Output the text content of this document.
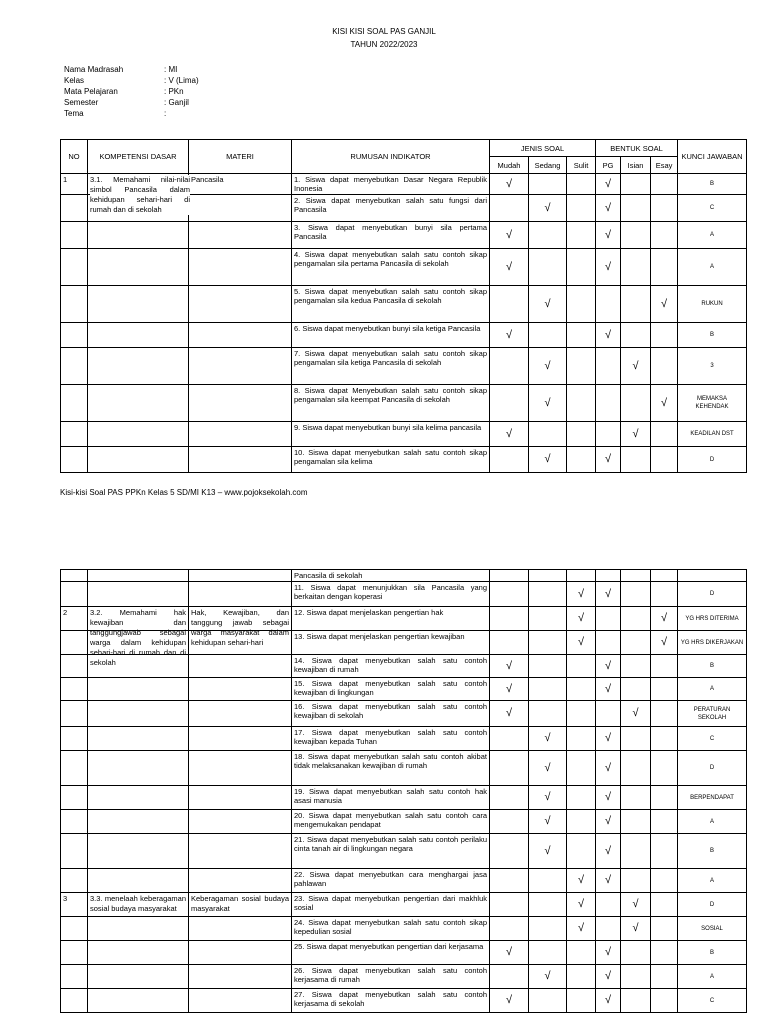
KISI KISI SOAL PAS GANJIL
TAHUN 2022/2023
Nama Madrasah	: MI
Kelas	: V (Lima)
Mata Pelajaran	: PKn
Semester	: Ganjil
Tema	:
NO	KOMPETENSI DASAR	MATERI	RUMUSAN INDIKATOR	JENIS SOAL			BENTUK SOAL			KUNCI JAWABAN
				Mudah	Sedang	Sulit	PG	Isian	Esay	
1	3.1. Memahami nilai-nilai simbol Pancasila dalam kehidupan sehari-hari di rumah dan di sekolah	Pancasila	1. Siswa dapat menyebutkan Dasar Negara Republik Inonesia	√			√			B
			2. Siswa dapat menyebutkan salah satu fungsi dari Pancasila		√		√			C
			3. Siswa dapat menyebutkan bunyi sila pertama Pancasila	√			√			A
			4. Siswa dapat menyebutkan salah satu contoh sikap pengamalan sila pertama Pancasila di sekolah	√			√			A
			5. Siswa dapat menyebutkan salah satu contoh sikap pengamalan sila kedua Pancasila di sekolah		√				√	RUKUN
			6. Siswa dapat menyebutkan bunyi sila ketiga Pancasila	√			√			B
			7. Siswa dapat menyebutkan salah satu contoh sikap pengamalan sila ketiga Pancasila di sekolah		√			√		3
			8. Siswa dapat Menyebutkan salah satu contoh sikap pengamalan sila keempat Pancasila di sekolah		√				√	MEMAKSA KEHENDAK
			9. Siswa dapat menyebutkan bunyi sila kelima pancasila	√				√		KEADILAN DST
			10. Siswa dapat menyebutkan salah satu contoh sikap pengamalan sila kelima		√		√			D
Kisi-kisi Soal PAS PPKn Kelas 5 SD/MI K13 – www.pojoksekolah.com
			Pancasila di sekolah							
			11. Siswa dapat menunjukkan sila Pancasila yang berkaitan dengan koperasi			√	√			D
2	3.2. Memahami hak kewajiban dan tanggungjawab sebagai warga dalam kehidupan sehari-hari di rumah dan di sekolah	Hak, Kewajiban, dan tanggung jawab sebagai warga masyarakat dalam kehidupan sehari-hari	12. Siswa dapat menjelaskan pengertian hak			√			√	YG HRS DITERIMA
			13. Siswa dapat menjelaskan pengertian kewajiban			√			√	YG HRS DIKERJAKAN
			14. Siswa dapat menyebutkan salah satu contoh kewajiban di rumah	√			√			B
			15. Siswa dapat menyebutkan salah satu contoh kewajiban di lingkungan	√			√			A
			16. Siswa dapat menyebutkan salah satu contoh kewajiban di sekolah	√				√		PERATURAN SEKOLAH
			17. Siswa dapat menyebutkan salah satu contoh kewajiban kepada Tuhan		√		√			C
			18. Siswa dapat menyebutkan salah satu contoh akibat tidak melaksanakan kewajiban di rumah		√		√			D
			19. Siswa dapat menyebutkan salah satu contoh hak asasi manusia		√		√			BERPENDAPAT
			20. Siswa dapat menyebutkan salah satu contoh cara mengemukakan pendapat		√		√			A
			21. Siswa dapat menyebutkan salah satu contoh perilaku cinta tanah air di lingkungan negara		√		√			B
			22. Siswa dapat menyebutkan cara menghargai jasa pahlawan			√	√			A
3	3.3. menelaah keberagaman sosial budaya masyarakat	Keberagaman sosial budaya masyarakat	23. Siswa dapat menyebutkan pengertian dari makhluk sosial			√		√		D
			24. Siswa dapat menyebutkan salah satu contoh sikap kepedulian sosial			√		√		SOSIAL
			25. Siswa dapat menyebutkan pengertian dari kerjasama	√			√			B
			26. Siswa dapat menyebutkan salah satu contoh kerjasama di rumah		√		√			A
			27. Siswa dapat menyebutkan salah satu contoh kerjasama di sekolah	√			√			C
